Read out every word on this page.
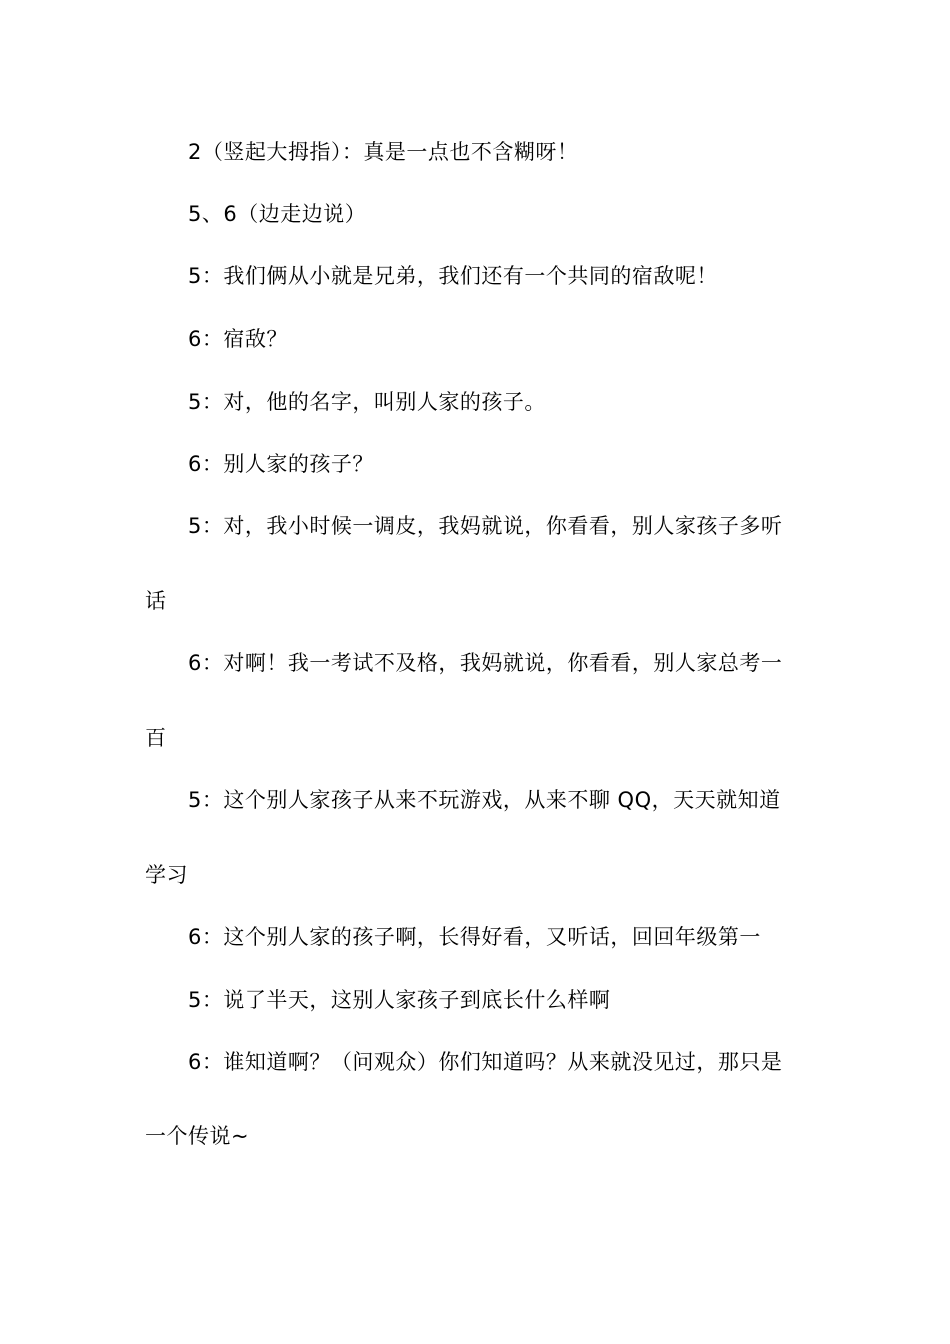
2（竖起大拇指）：真是一点也不含糊呀！
5、6（边走边说）
5：我们俩从小就是兄弟，我们还有一个共同的宿敌呢！
6：宿敌？
5：对，他的名字，叫别人家的孩子。
6：别人家的孩子？
5：对，我小时候一调皮，我妈就说，你看看，别人家孩子多听
话
6：对啊！我一考试不及格，我妈就说，你看看，别人家总考一
百
5：这个别人家孩子从来不玩游戏，从来不聊 QQ，天天就知道
学习
6：这个别人家的孩子啊，长得好看，又听话，回回年级第一
5：说了半天，这别人家孩子到底长什么样啊
6：谁知道啊？（问观众）你们知道吗？从来就没见过，那只是
一个传说~
